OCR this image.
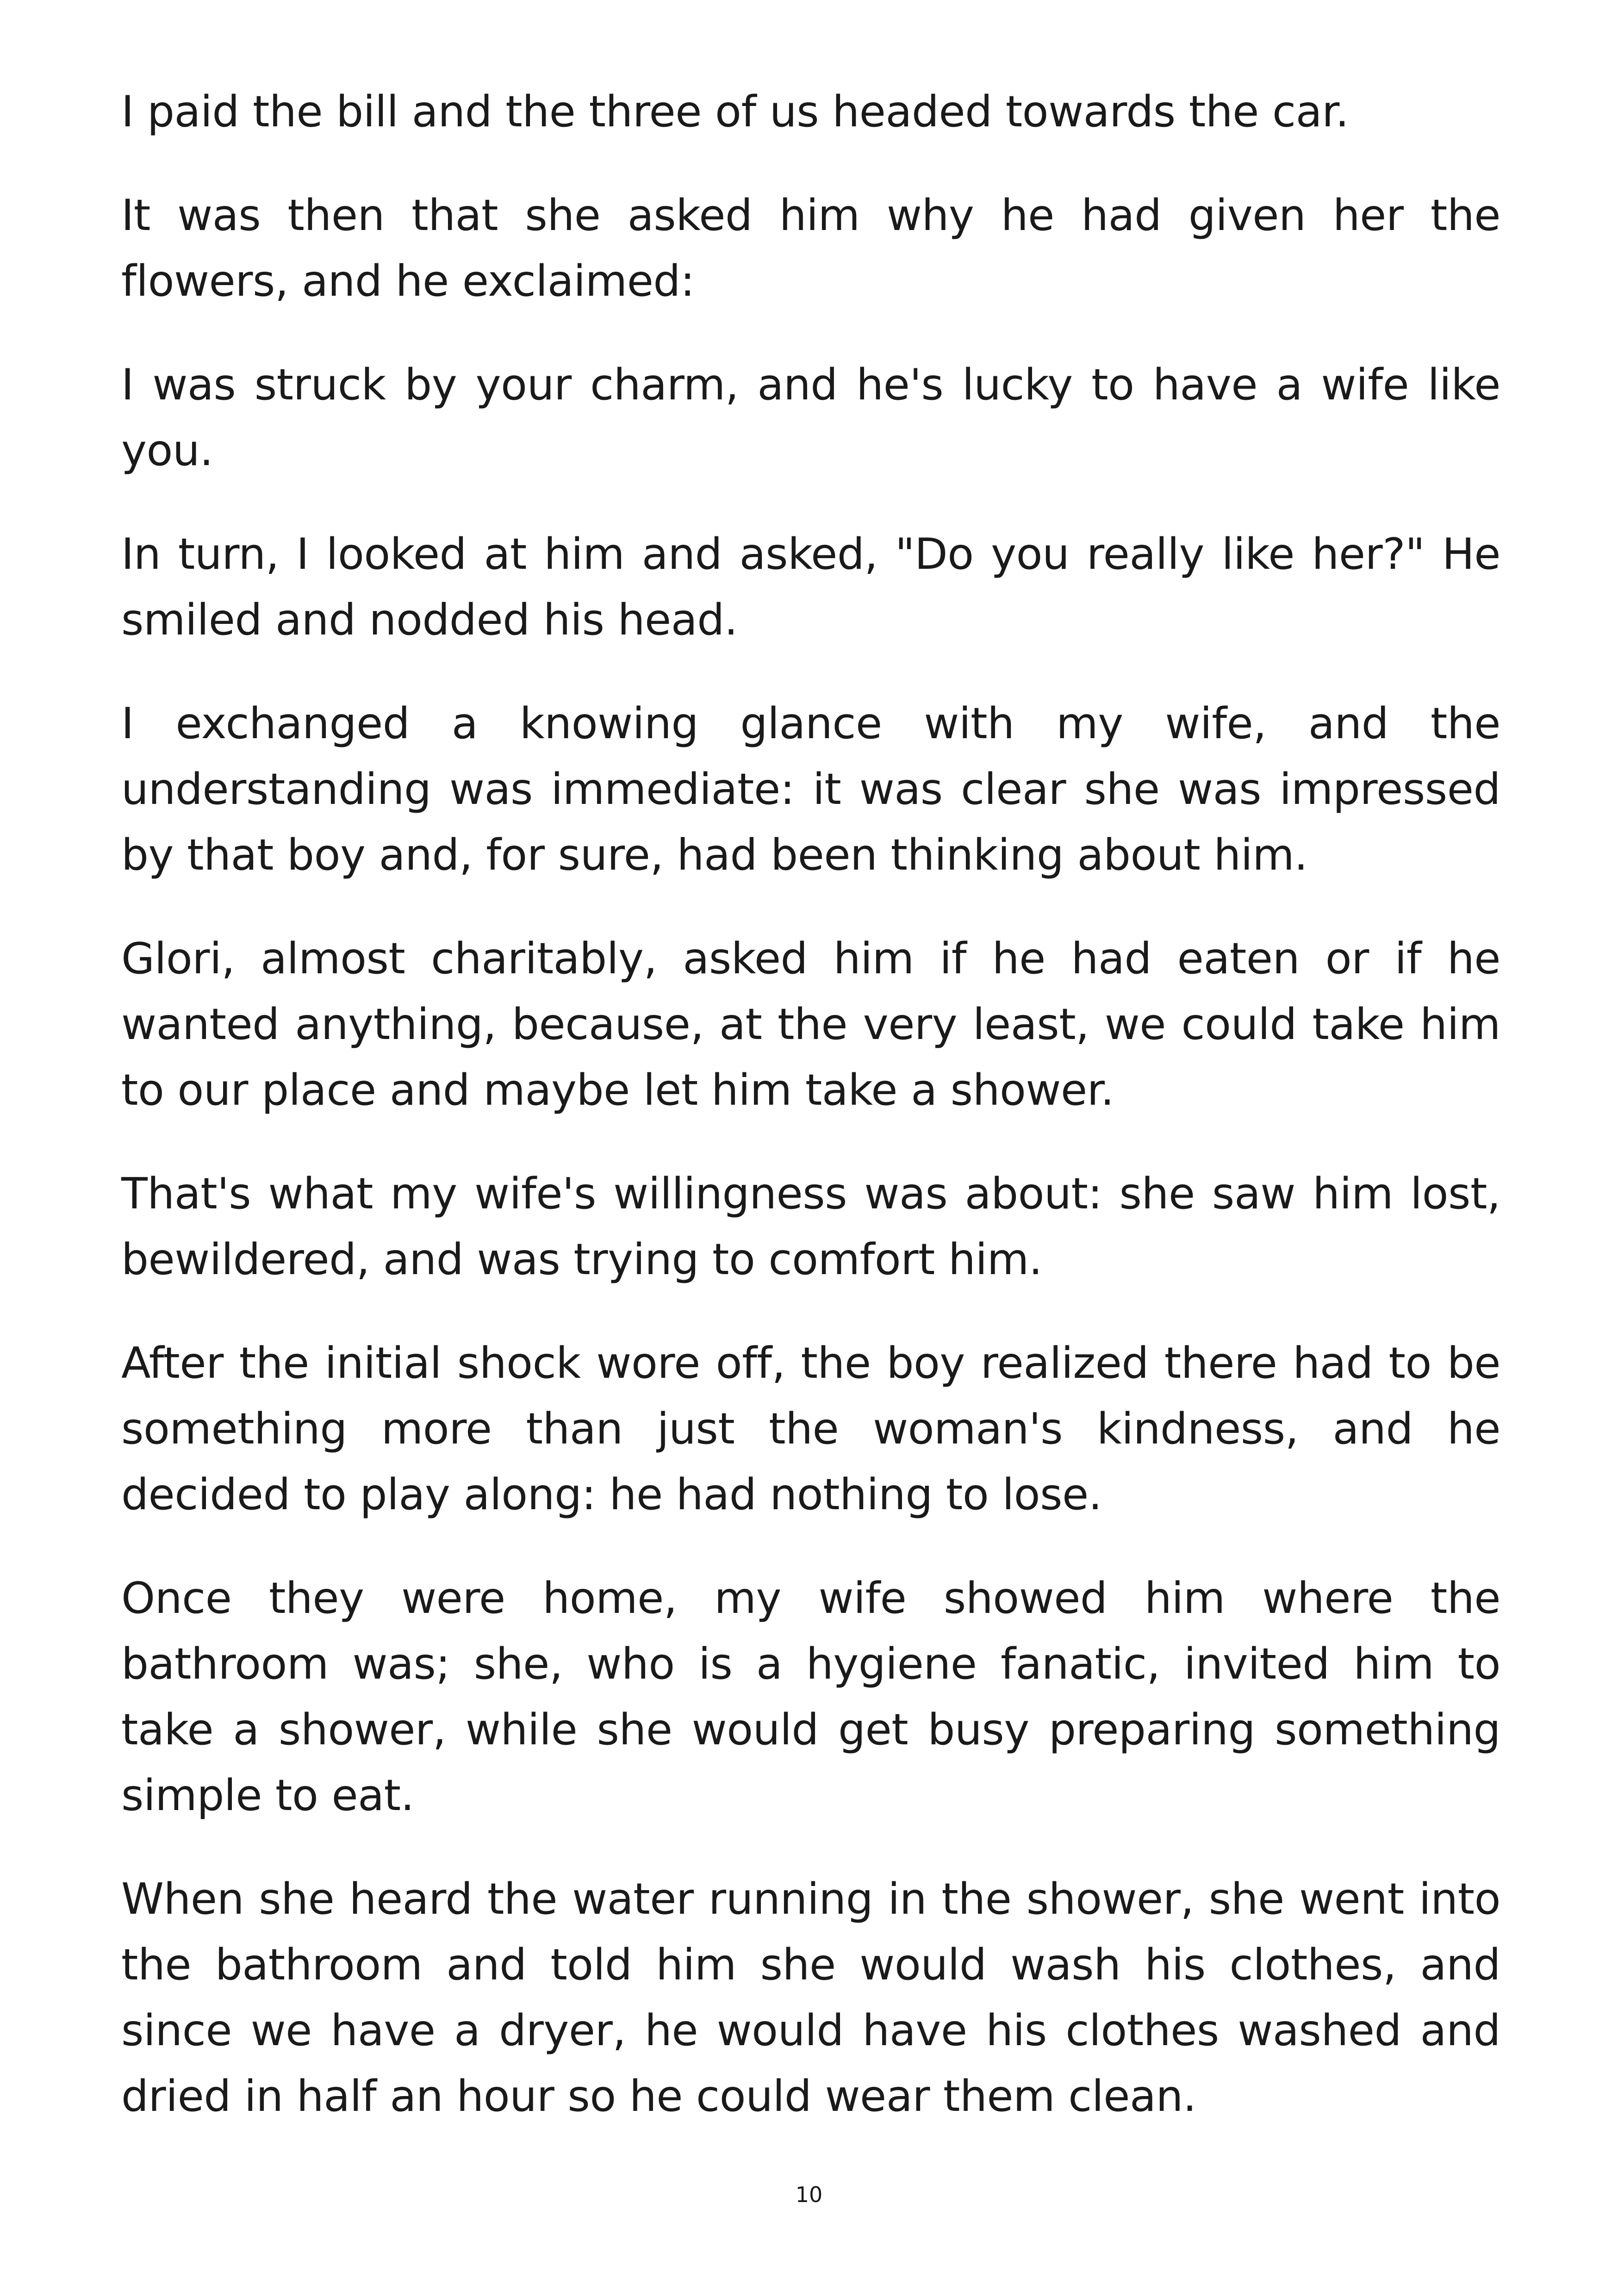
I paid the bill and the three of us headed towards the car.

It was then that she asked him why he had given her the flowers, and he exclaimed:

I was struck by your charm, and he's lucky to have a wife like you.

In turn, I looked at him and asked, "Do you really like her?" He smiled and nodded his head.

I exchanged a knowing glance with my wife, and the understanding was immediate: it was clear she was impressed by that boy and, for sure, had been thinking about him.

Glori, almost charitably, asked him if he had eaten or if he wanted anything, because, at the very least, we could take him to our place and maybe let him take a shower.

That's what my wife's willingness was about: she saw him lost, bewildered, and was trying to comfort him.

After the initial shock wore off, the boy realized there had to be something more than just the woman's kindness, and he decided to play along: he had nothing to lose.

Once they were home, my wife showed him where the bathroom was; she, who is a hygiene fanatic, invited him to take a shower, while she would get busy preparing something simple to eat.

When she heard the water running in the shower, she went into the bathroom and told him she would wash his clothes, and since we have a dryer, he would have his clothes washed and dried in half an hour so he could wear them clean.

10
